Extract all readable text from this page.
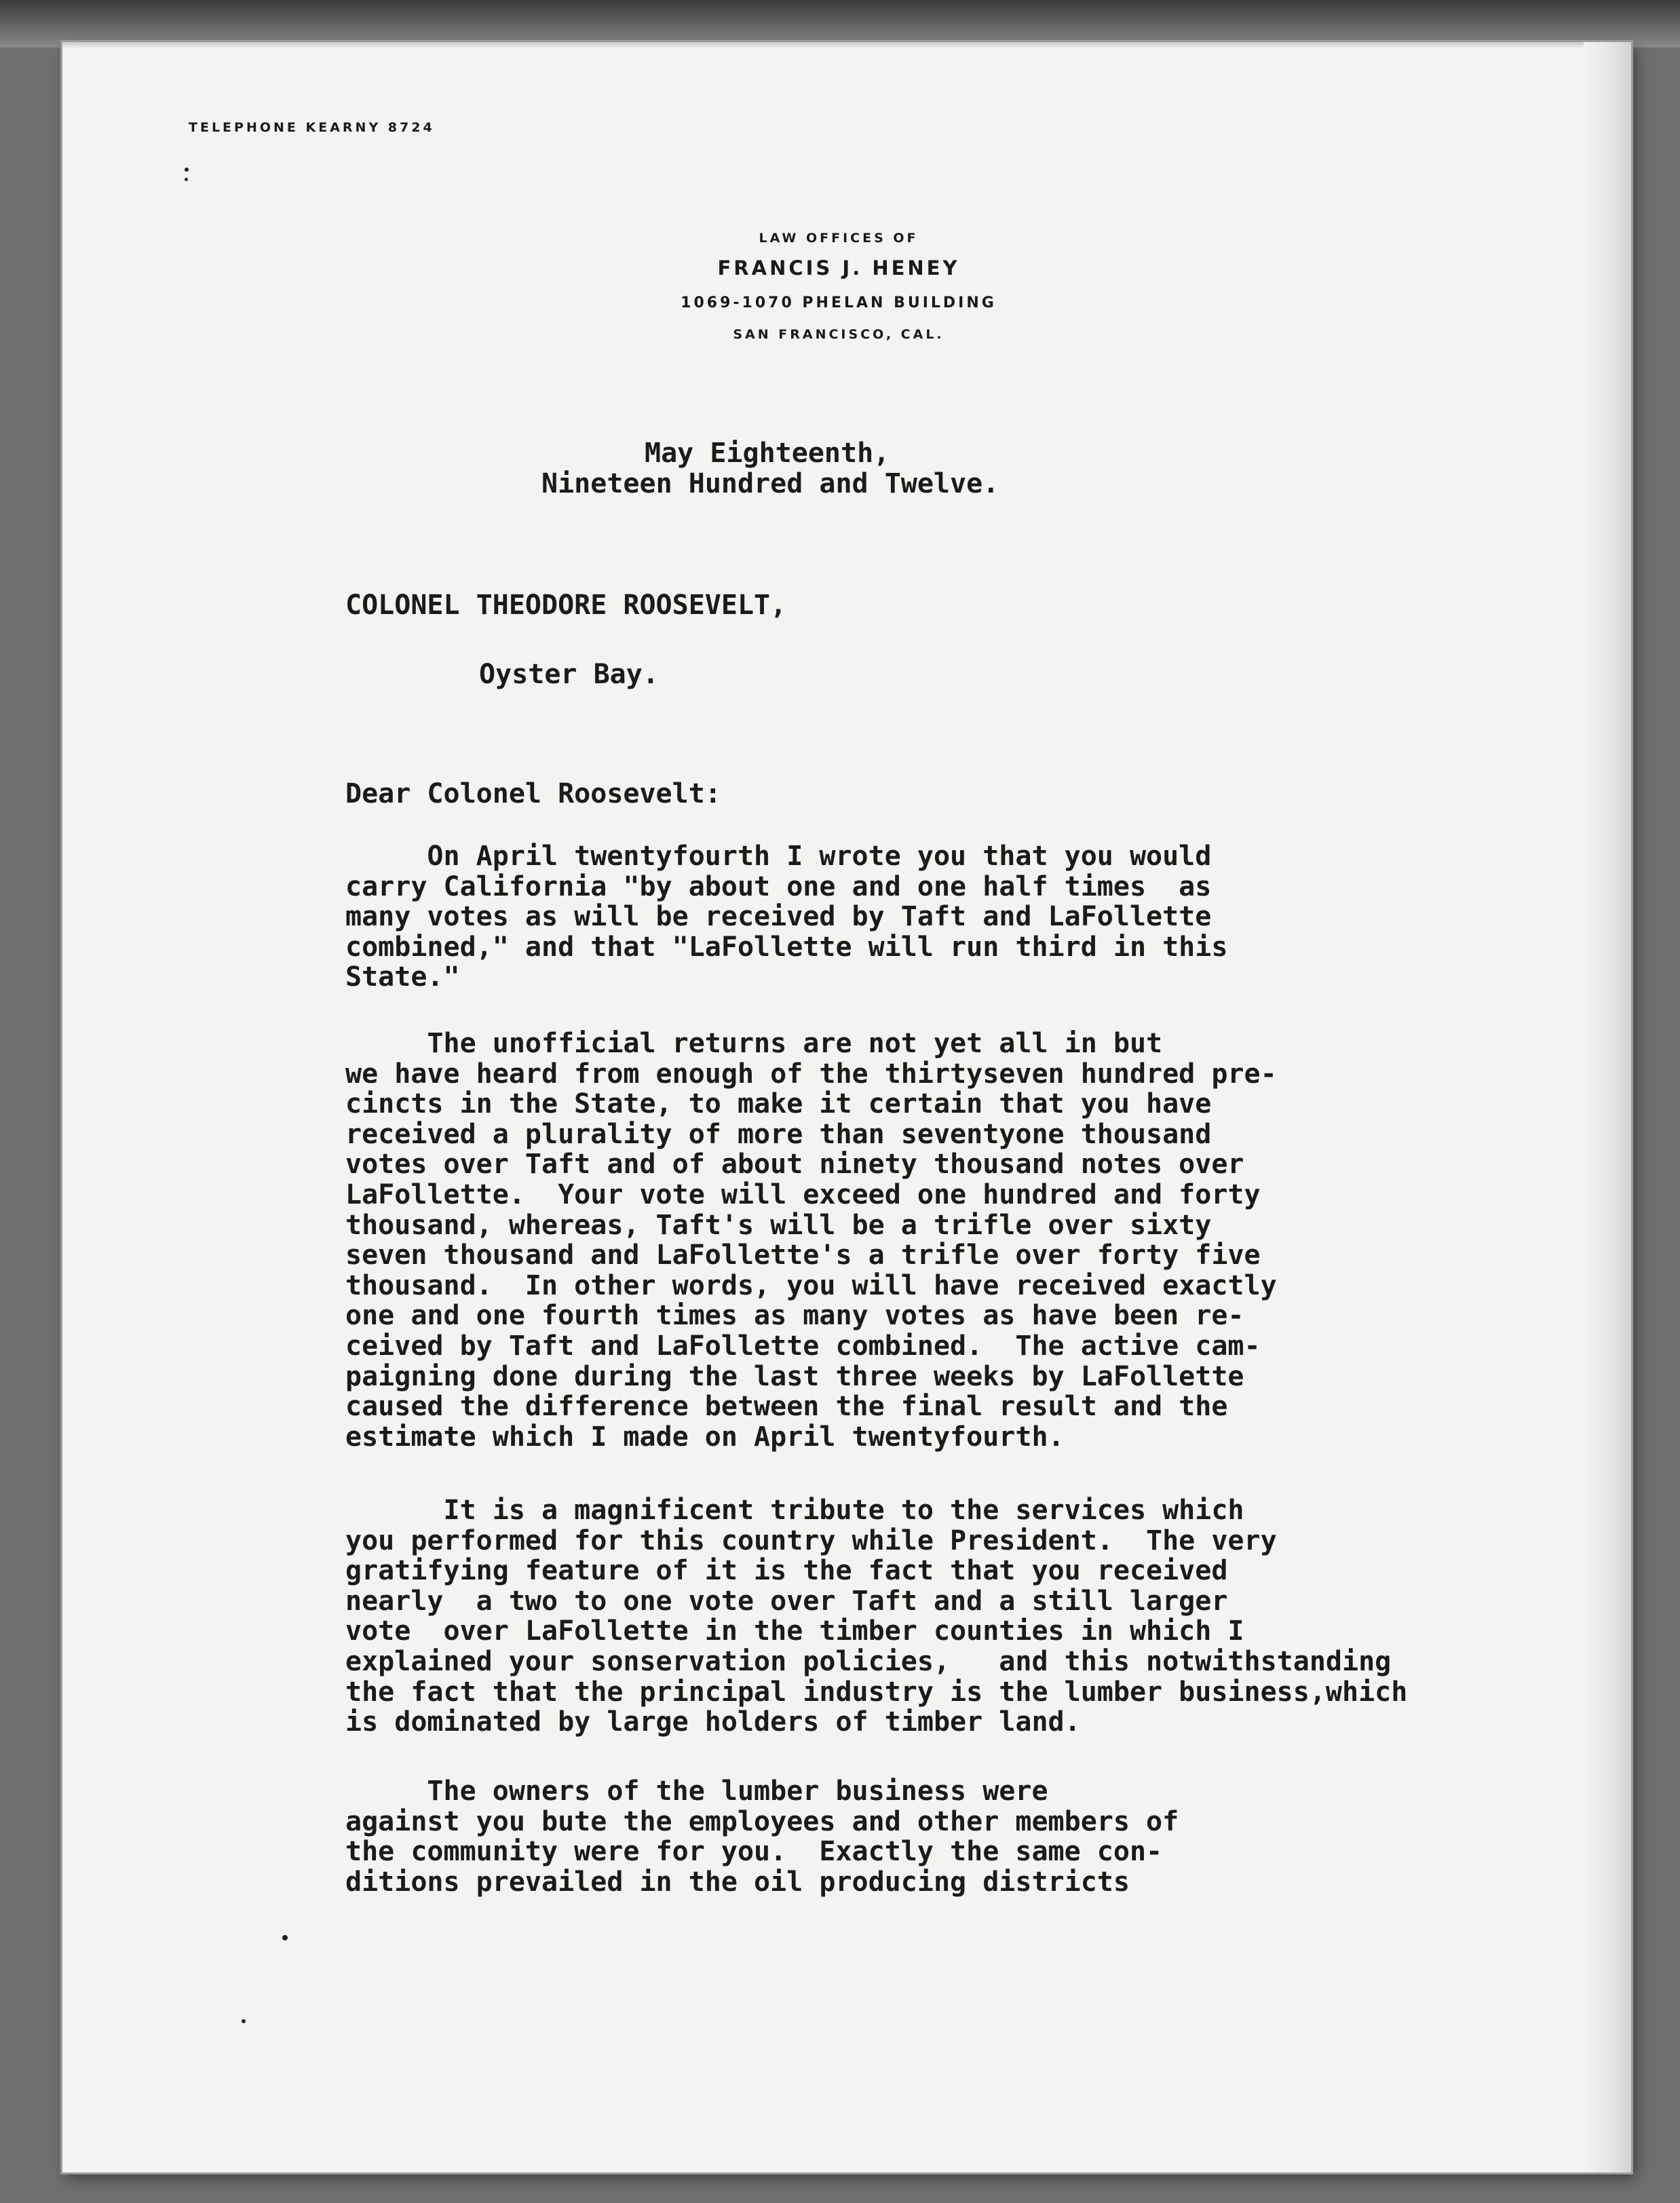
TELEPHONE KEARNY 8724
LAW OFFICES OF
FRANCIS J. HENEY
1069-1070 PHELAN BUILDING
SAN FRANCISCO, CAL.
May Eighteenth,
Nineteen Hundred and Twelve.
COLONEL THEODORE ROOSEVELT,
Oyster Bay.
Dear Colonel Roosevelt:
On April twentyfourth I wrote you that you would
carry California "by about one and one half times  as
many votes as will be received by Taft and LaFollette
combined," and that "LaFollette will run third in this
State."
The unofficial returns are not yet all in but
we have heard from enough of the thirtyseven hundred pre-
cincts in the State, to make it certain that you have
received a plurality of more than seventyone thousand
votes over Taft and of about ninety thousand notes over
LaFollette.  Your vote will exceed one hundred and forty
thousand, whereas, Taft's will be a trifle over sixty
seven thousand and LaFollette's a trifle over forty five
thousand.  In other words, you will have received exactly
one and one fourth times as many votes as have been re-
ceived by Taft and LaFollette combined.  The active cam-
paigning done during the last three weeks by LaFollette
caused the difference between the final result and the
estimate which I made on April twentyfourth.
It is a magnificent tribute to the services which
you performed for this country while President.  The very
gratifying feature of it is the fact that you received
nearly  a two to one vote over Taft and a still larger
vote  over LaFollette in the timber counties in which I
explained your sonservation policies,   and this notwithstanding
the fact that the principal industry is the lumber business,which
is dominated by large holders of timber land.
The owners of the lumber business were
against you bute the employees and other members of
the community were for you.  Exactly the same con-
ditions prevailed in the oil producing districts
